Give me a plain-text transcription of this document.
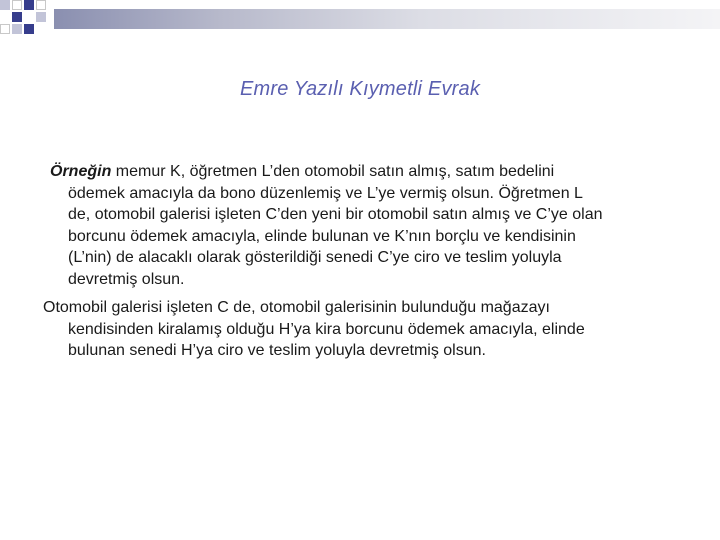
Emre Yazılı Kıymetli Evrak
Örneğin memur K, öğretmen L’den otomobil satın almış, satım bedelini
ödemek amacıyla da bono düzenlemiş ve L’ye vermiş olsun. Öğretmen L
de, otomobil galerisi işleten C’den yeni bir otomobil satın almış ve C’ye olan
borcunu ödemek amacıyla, elinde bulunan ve K’nın borçlu ve kendisinin
(L’nin) de alacaklı olarak gösterildiği senedi C’ye ciro ve teslim yoluyla
devretmiş olsun.
Otomobil galerisi işleten C de, otomobil galerisinin bulunduğu mağazayı
kendisinden kiralamış olduğu H’ya kira borcunu ödemek amacıyla, elinde
bulunan senedi H’ya ciro ve teslim yoluyla devretmiş olsun.
